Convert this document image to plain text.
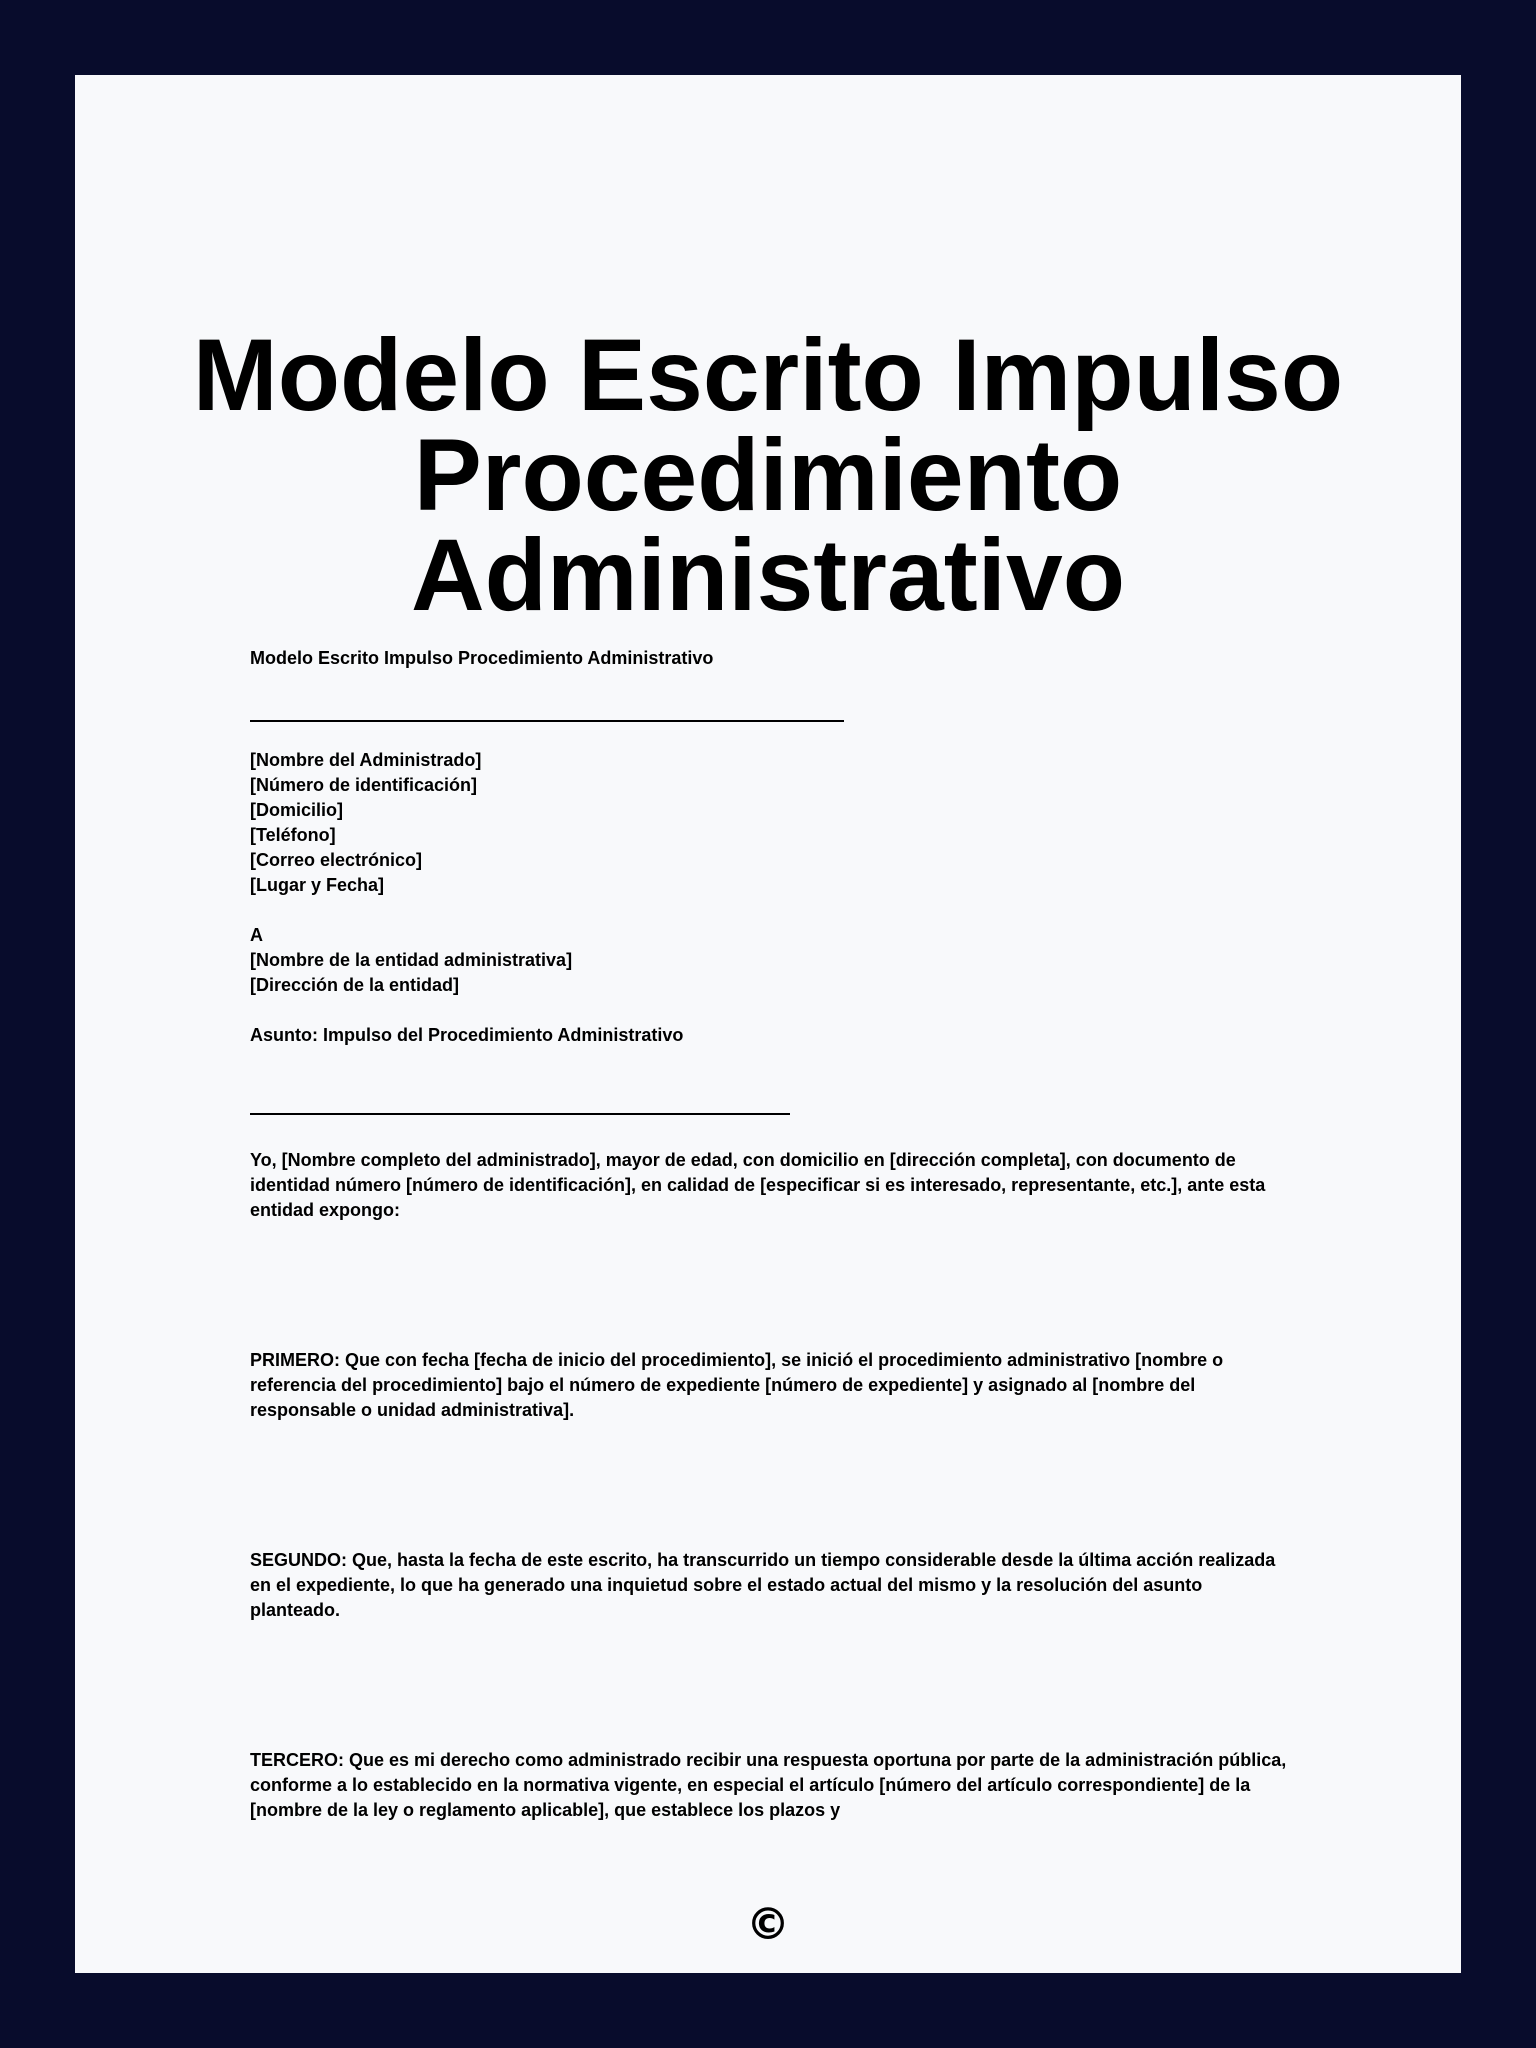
Modelo Escrito Impulso
Procedimiento
Administrativo
Modelo Escrito Impulso Procedimiento Administrativo
[Nombre del Administrado]
[Número de identificación]
[Domicilio]
[Teléfono]
[Correo electrónico]
[Lugar y Fecha]
A
[Nombre de la entidad administrativa]
[Dirección de la entidad]
Asunto: Impulso del Procedimiento Administrativo

Yo, [Nombre completo del administrado], mayor de edad, con domicilio en [dirección completa], con documento de identidad número [número de identificación], en calidad de [especificar si es interesado, representante, etc.], ante esta entidad expongo:

PRIMERO: Que con fecha [fecha de inicio del procedimiento], se inició el procedimiento administrativo [nombre o referencia del procedimiento] bajo el número de expediente [número de expediente] y asignado al [nombre del responsable o unidad administrativa].

SEGUNDO: Que, hasta la fecha de este escrito, ha transcurrido un tiempo considerable desde la última acción realizada en el expediente, lo que ha generado una inquietud sobre el estado actual del mismo y la resolución del asunto planteado.

TERCERO: Que es mi derecho como administrado recibir una respuesta oportuna por parte de la administración pública, conforme a lo establecido en la normativa vigente, en especial el artículo [número del artículo correspondiente] de la [nombre de la ley o reglamento aplicable], que establece los plazos y

©
